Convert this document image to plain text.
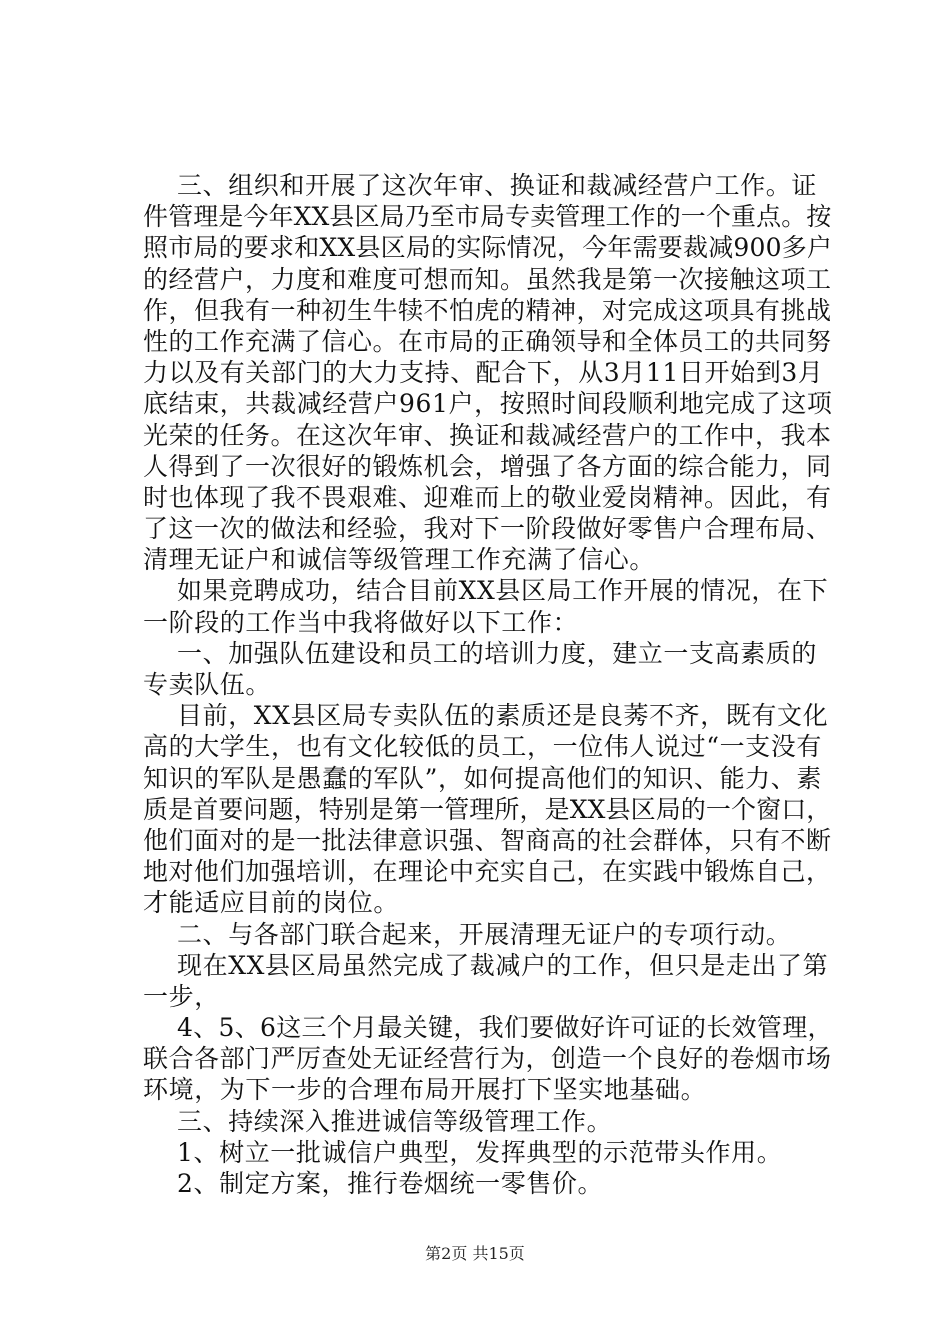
三、组织和开展了这次年审、换证和裁减经营户工作。证
件管理是今年XX县区局乃至市局专卖管理工作的一个重点。按
照市局的要求和XX县区局的实际情况，今年需要裁减900多户
的经营户，力度和难度可想而知。虽然我是第一次接触这项工
作，但我有一种初生牛犊不怕虎的精神，对完成这项具有挑战
性的工作充满了信心。在市局的正确领导和全体员工的共同努
力以及有关部门的大力支持、配合下，从3月11日开始到3月
底结束，共裁减经营户961户，按照时间段顺利地完成了这项
光荣的任务。在这次年审、换证和裁减经营户的工作中，我本
人得到了一次很好的锻炼机会，增强了各方面的综合能力，同
时也体现了我不畏艰难、迎难而上的敬业爱岗精神。因此，有
了这一次的做法和经验，我对下一阶段做好零售户合理布局、
清理无证户和诚信等级管理工作充满了信心。
如果竞聘成功，结合目前XX县区局工作开展的情况，在下
一阶段的工作当中我将做好以下工作：
一、加强队伍建设和员工的培训力度，建立一支高素质的
专卖队伍。
目前，XX县区局专卖队伍的素质还是良莠不齐，既有文化
高的大学生，也有文化较低的员工，一位伟人说过“一支没有
知识的军队是愚蠢的军队”，如何提高他们的知识、能力、素
质是首要问题，特别是第一管理所，是XX县区局的一个窗口，
他们面对的是一批法律意识强、智商高的社会群体，只有不断
地对他们加强培训，在理论中充实自己，在实践中锻炼自己，
才能适应目前的岗位。
二、与各部门联合起来，开展清理无证户的专项行动。
现在XX县区局虽然完成了裁减户的工作，但只是走出了第
一步，
4、5、6这三个月最关键，我们要做好许可证的长效管理，
联合各部门严厉查处无证经营行为，创造一个良好的卷烟市场
环境，为下一步的合理布局开展打下坚实地基础。
三、持续深入推进诚信等级管理工作。
1、树立一批诚信户典型，发挥典型的示范带头作用。
2、制定方案，推行卷烟统一零售价。
第2页 共15页
